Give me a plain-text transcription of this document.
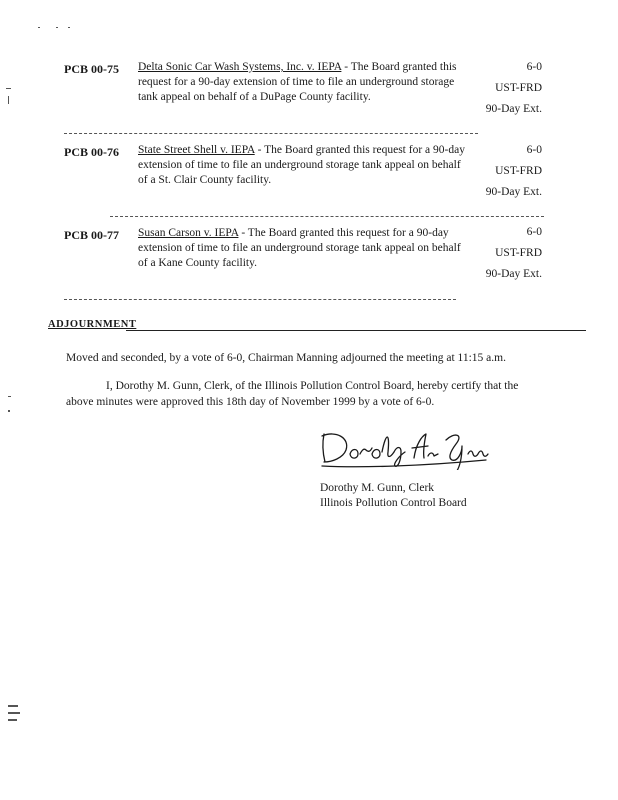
PCB 00-75 Delta Sonic Car Wash Systems, Inc. v. IEPA - The Board granted this request for a 90-day extension of time to file an underground storage tank appeal on behalf of a DuPage County facility.
6-0
UST-FRD
90-Day Ext.
PCB 00-76 State Street Shell v. IEPA - The Board granted this request for a 90-day extension of time to file an underground storage tank appeal on behalf of a St. Clair County facility.
6-0
UST-FRD
90-Day Ext.
PCB 00-77 Susan Carson v. IEPA - The Board granted this request for a 90-day extension of time to file an underground storage tank appeal on behalf of a Kane County facility.
6-0
UST-FRD
90-Day Ext.
ADJOURNMENT
Moved and seconded, by a vote of 6-0, Chairman Manning adjourned the meeting at 11:15 a.m.
I, Dorothy M. Gunn, Clerk, of the Illinois Pollution Control Board, hereby certify that the above minutes were approved this 18th day of November 1999 by a vote of 6-0.
Dorothy M. Gunn, Clerk
Illinois Pollution Control Board
